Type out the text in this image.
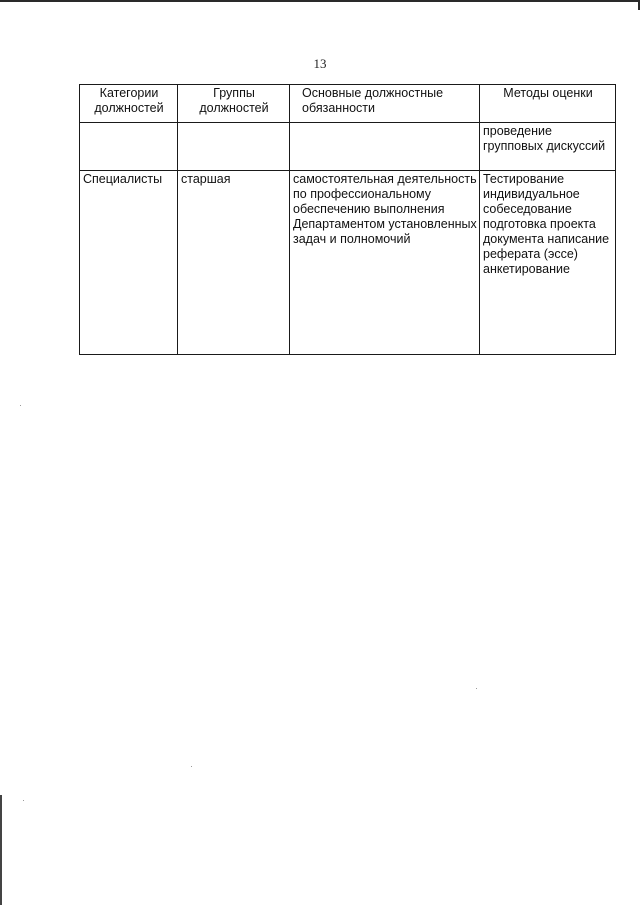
13
Категории должностей	Группы должностей	Основные должностные обязанности	Методы оценки
			проведение групповых дискуссий
Специалисты	старшая	самостоятельная деятельность по профессиональному обеспечению выполнения Департаментом установленных задач и полномочий	Тестирование индивидуальное собеседование подготовка проекта документа написание реферата (эссе) анкетирование
